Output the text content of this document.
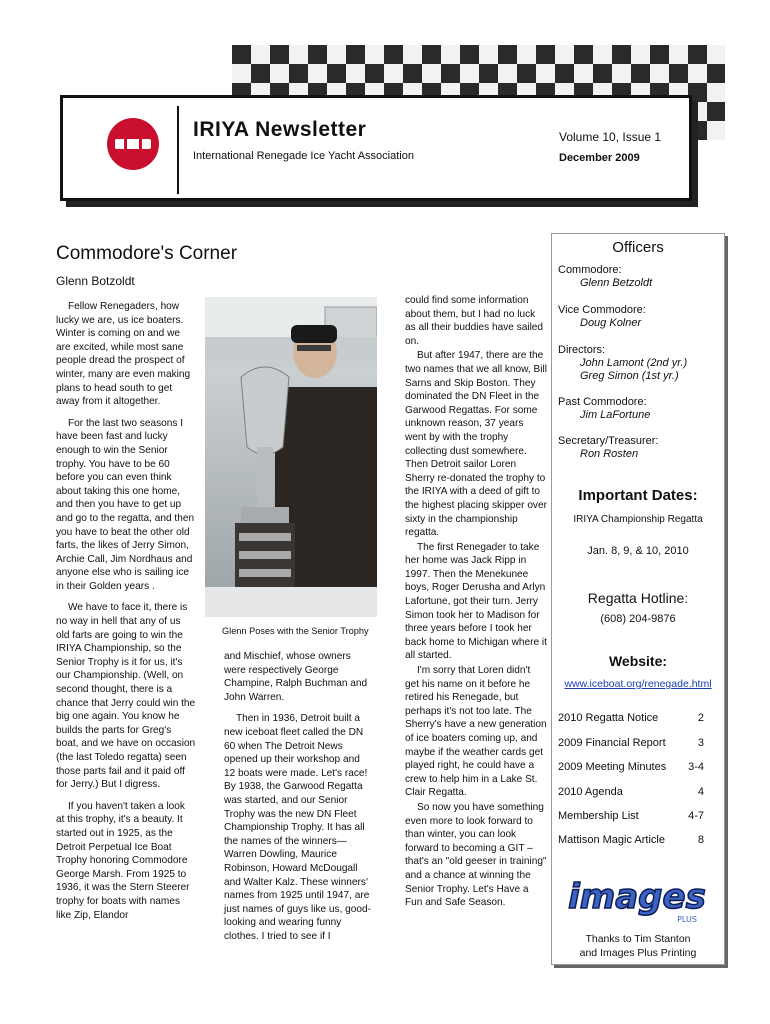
IRIYA Newsletter
International Renegade Ice Yacht Association
Volume 10, Issue 1
December 2009
Commodore's Corner
Glenn Botzoldt

Fellow Renegaders, how lucky we are, us ice boaters. Winter is coming on and we are excited, while most sane people dread the prospect of winter, many are even making plans to head south to get away from it altogether.

For the last two seasons I have been fast and lucky enough to win the Senior trophy. You have to be 60 before you can even think about taking this one home, and then you have to get up and go to the regatta, and then you have to beat the other old farts, the likes of Jerry Simon, Archie Call, Jim Nordhaus and anyone else who is sailing ice in their Golden years .

We have to face it, there is no way in hell that any of us old farts are going to win the IRIYA Championship, so the Senior Trophy is it for us, it's our Championship. (Well, on second thought, there is a chance that Jerry could win the big one again. You know he builds the parts for Greg's boat, and we have on occasion (the last Toledo regatta) seen those parts fail and it paid off for Jerry.) But I digress.

If you haven't taken a look at this trophy, it's a beauty. It started out in 1925, as the Detroit Perpetual Ice Boat Trophy honoring Commodore George Marsh. From 1925 to 1936, it was the Stern Steerer trophy for boats with names like Zip, Elandor

Glenn Poses with the Senior Trophy

and Mischief, whose owners were respectively George Champine, Ralph Buchman and John Warren.

Then in 1936, Detroit built a new iceboat fleet called the DN 60 when The Detroit News opened up their workshop and 12 boats were made. Let's race! By 1938, the Garwood Regatta was started, and our Senior Trophy was the new DN Fleet Championship Trophy. It has all the names of the winners—Warren Dowling, Maurice Robinson, Howard McDougall and Walter Kalz. These winners' names from 1925 until 1947, are just names of guys like us, good-looking and wearing funny clothes. I tried to see if I

could find some information about them, but I had no luck as all their buddies have sailed on.

But after 1947, there are the two names that we all know, Bill Sarns and Skip Boston. They dominated the DN Fleet in the Garwood Regattas. For some unknown reason, 37 years went by with the trophy collecting dust somewhere. Then Detroit sailor Loren Sherry re-donated the trophy to the IRIYA with a deed of gift to the highest placing skipper over sixty in the championship regatta.

The first Renegader to take her home was Jack Ripp in 1997. Then the Menekunee boys, Roger Derusha and Arlyn Lafortune, got their turn. Jerry Simon took her to Madison for three years before I took her back home to Michigan where it all started.

I'm sorry that Loren didn't get his name on it before he retired his Renegade, but perhaps it's not too late. The Sherry's have a new generation of ice boaters coming up, and maybe if the weather cards get played right, he could have a crew to help him in a Lake St. Clair Regatta.

So now you have something even more to look forward to than winter, you can look forward to becoming a GIT –that's an "old geeser in training" and a chance at winning the Senior Trophy. Let's Have a Fun and Safe Season.

Officers
Commodore:
Glenn Betzoldt
Vice Commodore:
Doug Kolner
Directors:
John Lamont (2nd yr.)
Greg Simon (1st yr.)
Past Commodore:
Jim LaFortune
Secretary/Treasurer:
Ron Rosten
Important Dates:
IRIYA Championship Regatta
Jan. 8, 9, & 10, 2010
Regatta Hotline:
(608) 204-9876
Website:
www.iceboat.org/renegade.html
2010 Regatta Notice	2
2009 Financial Report	3
2009 Meeting Minutes 3-4
2010 Agenda	4
Membership List	4-7
Mattison Magic Article	8
images
PLUS
Thanks to Tim Stanton
and Images Plus Printing
